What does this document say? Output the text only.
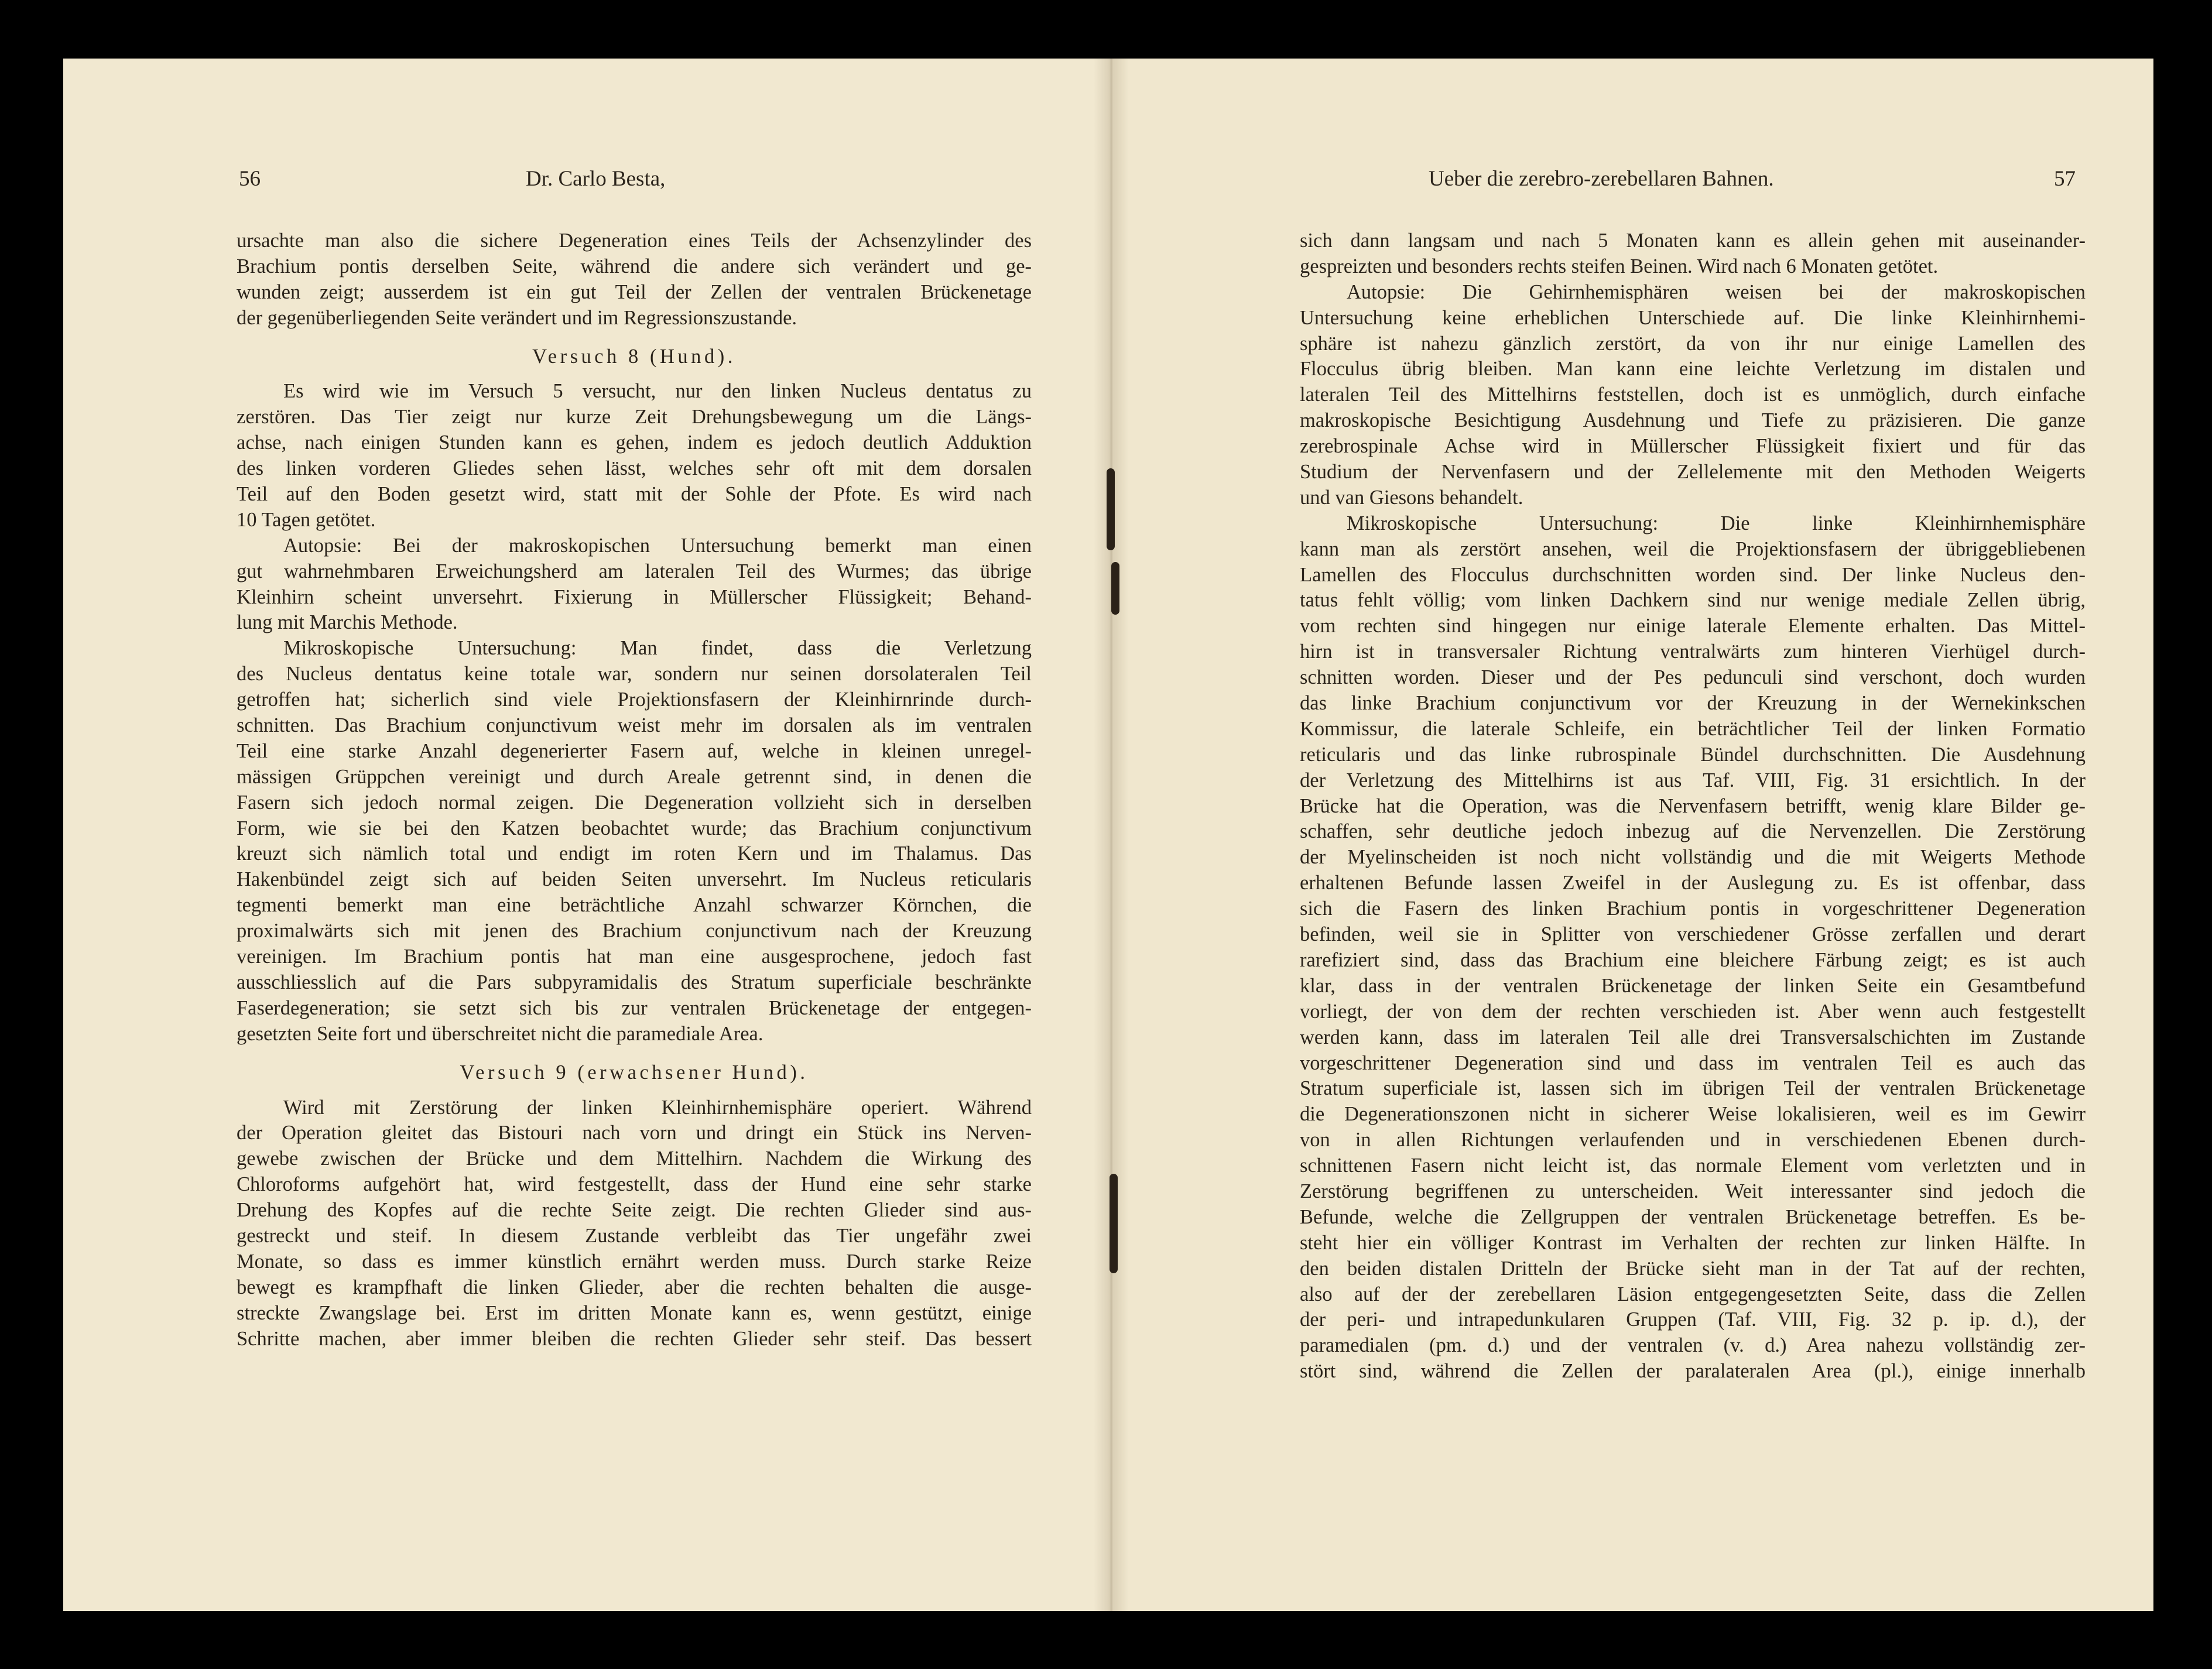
56	Dr. Carlo Besta,	Ueber die zerebro-zerebellaren Bahnen.	57
ursachte man also die sichere Degeneration eines Teils der Achsenzylinder des
Brachium pontis derselben Seite, während die andere sich verändert und ge-
wunden zeigt; ausserdem ist ein gut Teil der Zellen der ventralen Brückenetage
der gegenüberliegenden Seite verändert und im Regressionszustande.
Versuch 8 (Hund).
Es wird wie im Versuch 5 versucht, nur den linken Nucleus dentatus zu
zerstören. Das Tier zeigt nur kurze Zeit Drehungsbewegung um die Längs-
achse, nach einigen Stunden kann es gehen, indem es jedoch deutlich Adduktion
des linken vorderen Gliedes sehen lässt, welches sehr oft mit dem dorsalen
Teil auf den Boden gesetzt wird, statt mit der Sohle der Pfote. Es wird nach
10 Tagen getötet.
Autopsie: Bei der makroskopischen Untersuchung bemerkt man einen
gut wahrnehmbaren Erweichungsherd am lateralen Teil des Wurmes; das übrige
Kleinhirn scheint unversehrt. Fixierung in Müllerscher Flüssigkeit; Behand-
lung mit Marchis Methode.
Mikroskopische Untersuchung: Man findet, dass die Verletzung
des Nucleus dentatus keine totale war, sondern nur seinen dorsolateralen Teil
getroffen hat; sicherlich sind viele Projektionsfasern der Kleinhirnrinde durch-
schnitten. Das Brachium conjunctivum weist mehr im dorsalen als im ventralen
Teil eine starke Anzahl degenerierter Fasern auf, welche in kleinen unregel-
mässigen Grüppchen vereinigt und durch Areale getrennt sind, in denen die
Fasern sich jedoch normal zeigen. Die Degeneration vollzieht sich in derselben
Form, wie sie bei den Katzen beobachtet wurde; das Brachium conjunctivum
kreuzt sich nämlich total und endigt im roten Kern und im Thalamus. Das
Hakenbündel zeigt sich auf beiden Seiten unversehrt. Im Nucleus reticularis
tegmenti bemerkt man eine beträchtliche Anzahl schwarzer Körnchen, die
proximalwärts sich mit jenen des Brachium conjunctivum nach der Kreuzung
vereinigen. Im Brachium pontis hat man eine ausgesprochene, jedoch fast
ausschliesslich auf die Pars subpyramidalis des Stratum superficiale beschränkte
Faserdegeneration; sie setzt sich bis zur ventralen Brückenetage der entgegen-
gesetzten Seite fort und überschreitet nicht die paramediale Area.
Versuch 9 (erwachsener Hund).
Wird mit Zerstörung der linken Kleinhirnhemisphäre operiert. Während
der Operation gleitet das Bistouri nach vorn und dringt ein Stück ins Nerven-
gewebe zwischen der Brücke und dem Mittelhirn. Nachdem die Wirkung des
Chloroforms aufgehört hat, wird festgestellt, dass der Hund eine sehr starke
Drehung des Kopfes auf die rechte Seite zeigt. Die rechten Glieder sind aus-
gestreckt und steif. In diesem Zustande verbleibt das Tier ungefähr zwei
Monate, so dass es immer künstlich ernährt werden muss. Durch starke Reize
bewegt es krampfhaft die linken Glieder, aber die rechten behalten die ausge-
streckte Zwangslage bei. Erst im dritten Monate kann es, wenn gestützt, einige
Schritte machen, aber immer bleiben die rechten Glieder sehr steif. Das bessert
sich dann langsam und nach 5 Monaten kann es allein gehen mit auseinander-
gespreizten und besonders rechts steifen Beinen. Wird nach 6 Monaten getötet.
Autopsie: Die Gehirnhemisphären weisen bei der makroskopischen
Untersuchung keine erheblichen Unterschiede auf. Die linke Kleinhirnhemi-
sphäre ist nahezu gänzlich zerstört, da von ihr nur einige Lamellen des
Flocculus übrig bleiben. Man kann eine leichte Verletzung im distalen und
lateralen Teil des Mittelhirns feststellen, doch ist es unmöglich, durch einfache
makroskopische Besichtigung Ausdehnung und Tiefe zu präzisieren. Die ganze
zerebrospinale Achse wird in Müllerscher Flüssigkeit fixiert und für das
Studium der Nervenfasern und der Zellelemente mit den Methoden Weigerts
und van Giesons behandelt.
Mikroskopische Untersuchung: Die linke Kleinhirnhemisphäre
kann man als zerstört ansehen, weil die Projektionsfasern der übriggebliebenen
Lamellen des Flocculus durchschnitten worden sind. Der linke Nucleus den-
tatus fehlt völlig; vom linken Dachkern sind nur wenige mediale Zellen übrig,
vom rechten sind hingegen nur einige laterale Elemente erhalten. Das Mittel-
hirn ist in transversaler Richtung ventralwärts zum hinteren Vierhügel durch-
schnitten worden. Dieser und der Pes pedunculi sind verschont, doch wurden
das linke Brachium conjunctivum vor der Kreuzung in der Wernekinkschen
Kommissur, die laterale Schleife, ein beträchtlicher Teil der linken Formatio
reticularis und das linke rubrospinale Bündel durchschnitten. Die Ausdehnung
der Verletzung des Mittelhirns ist aus Taf. VIII, Fig. 31 ersichtlich. In der
Brücke hat die Operation, was die Nervenfasern betrifft, wenig klare Bilder ge-
schaffen, sehr deutliche jedoch inbezug auf die Nervenzellen. Die Zerstörung
der Myelinscheiden ist noch nicht vollständig und die mit Weigerts Methode
erhaltenen Befunde lassen Zweifel in der Auslegung zu. Es ist offenbar, dass
sich die Fasern des linken Brachium pontis in vorgeschrittener Degeneration
befinden, weil sie in Splitter von verschiedener Grösse zerfallen und derart
rarefiziert sind, dass das Brachium eine bleichere Färbung zeigt; es ist auch
klar, dass in der ventralen Brückenetage der linken Seite ein Gesamtbefund
vorliegt, der von dem der rechten verschieden ist. Aber wenn auch festgestellt
werden kann, dass im lateralen Teil alle drei Transversalschichten im Zustande
vorgeschrittener Degeneration sind und dass im ventralen Teil es auch das
Stratum superficiale ist, lassen sich im übrigen Teil der ventralen Brückenetage
die Degenerationszonen nicht in sicherer Weise lokalisieren, weil es im Gewirr
von in allen Richtungen verlaufenden und in verschiedenen Ebenen durch-
schnittenen Fasern nicht leicht ist, das normale Element vom verletzten und in
Zerstörung begriffenen zu unterscheiden. Weit interessanter sind jedoch die
Befunde, welche die Zellgruppen der ventralen Brückenetage betreffen. Es be-
steht hier ein völliger Kontrast im Verhalten der rechten zur linken Hälfte. In
den beiden distalen Dritteln der Brücke sieht man in der Tat auf der rechten,
also auf der der zerebellaren Läsion entgegengesetzten Seite, dass die Zellen
der peri- und intrapedunkularen Gruppen (Taf. VIII, Fig. 32 p. ip. d.), der
paramedialen (pm. d.) und der ventralen (v. d.) Area nahezu vollständig zer-
stört sind, während die Zellen der paralateralen Area (pl.), einige innerhalb
